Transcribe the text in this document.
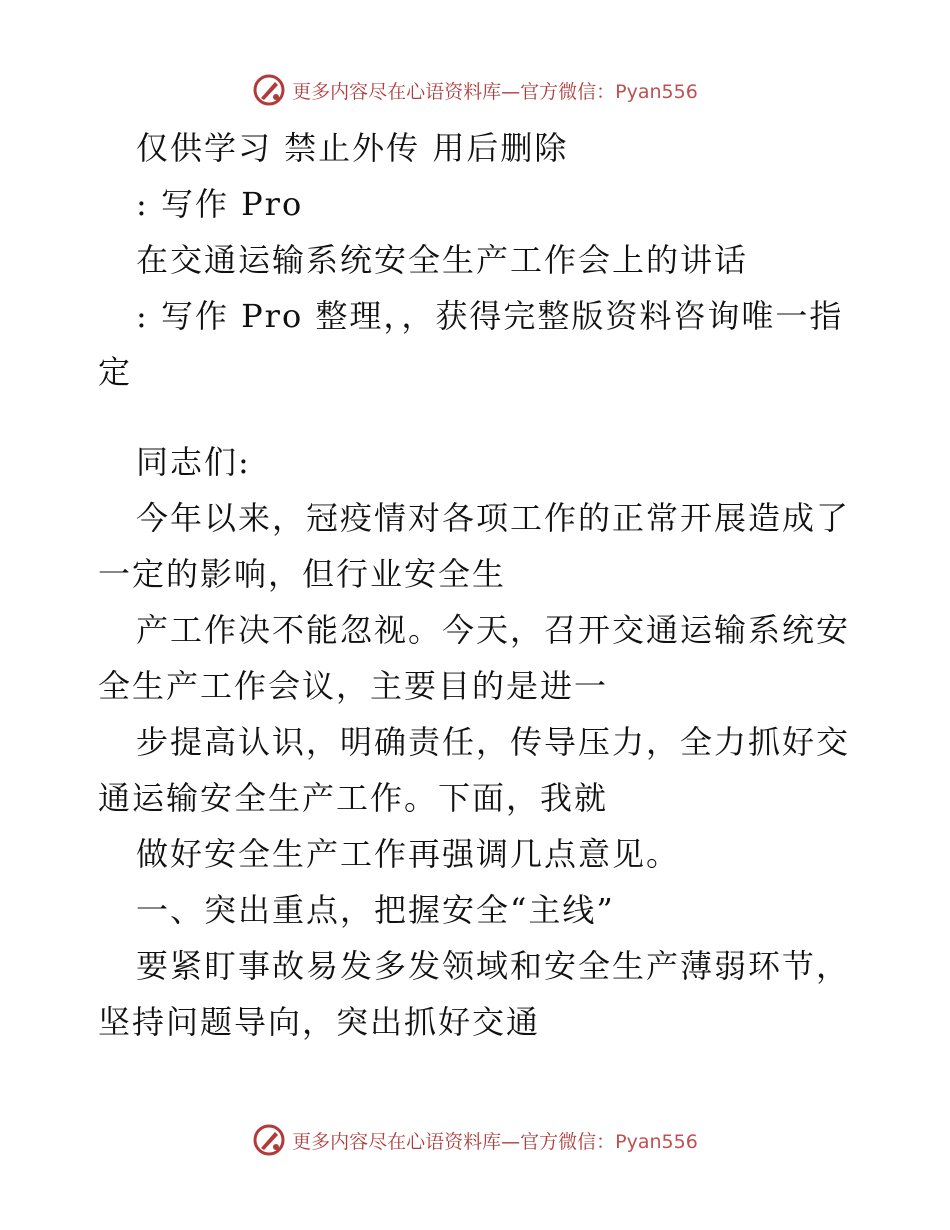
更多内容尽在心语资料库—官方微信：Pyan556

仅供学习 禁止外传 用后删除

: 写作 Pro

在交通运输系统安全生产工作会上的讲话

: 写作 Pro 整理，，获得完整版资料咨询唯一指定

同志们:

今年以来，冠疫情对各项工作的正常开展造成了一定的影响，但行业安全生

产工作决不能忽视。今天，召开交通运输系统安全生产工作会议，主要目的是进一

步提高认识，明确责任，传导压力，全力抓好交通运输安全生产工作。下面，我就

做好安全生产工作再强调几点意见。

一、突出重点，把握安全“主线”

要紧盯事故易发多发领域和安全生产薄弱环节，坚持问题导向，突出抓好交通

更多内容尽在心语资料库—官方微信：Pyan556
